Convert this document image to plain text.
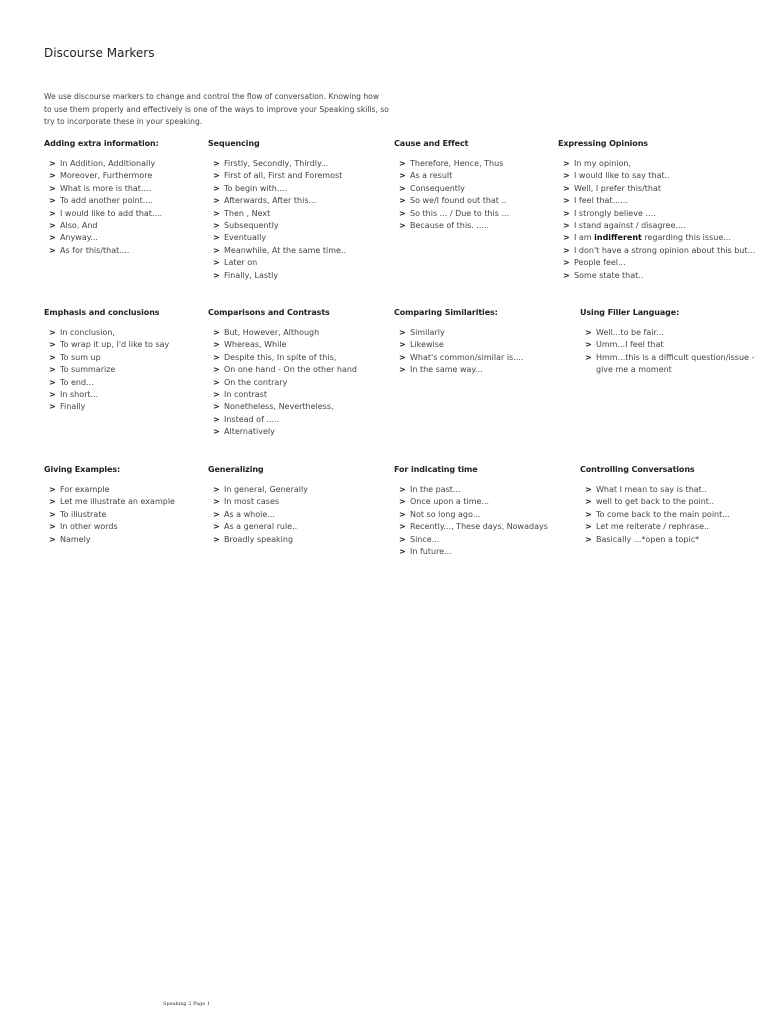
Discourse Markers
We use discourse markers to change and control the flow of conversation. Knowing how to use them properly and effectively is one of the ways to improve your Speaking skills, so try to incorporate these in your speaking.
Adding extra information:
> In Addition, Additionally
> Moreover, Furthermore
> What is more is that....
> To add another point....
> I would like to add that....
> Also, And
> Anyway...
> As for this/that....
Sequencing
> Firstly, Secondly, Thirdly...
> First of all, First and Foremost
> To begin with....
> Afterwards, After this...
> Then , Next
> Subsequently
> Eventually
> Meanwhile, At the same time..
> Later on
> Finally, Lastly
Cause and Effect
> Therefore, Hence, Thus
> As a result
> Consequently
> So we/I found out that ..
> So this ... / Due to this ...
> Because of this. .....
Expressing Opinions
> In my opinion,
> I would like to say that..
> Well, I prefer this/that
> I feel that......
> I strongly believe ....
> I stand against / disagree....
> I am indifferent regarding this issue...
> I don't have a strong opinion about this but...
> People feel...
> Some state that..
Emphasis and conclusions
> In conclusion,
> To wrap it up, I'd like to say
> To sum up
> To summarize
> To end...
> In short...
> Finally
Comparisons and Contrasts
> But, However, Although
> Whereas, While
> Despite this, In spite of this,
> On one hand - On the other hand
> On the contrary
> In contrast
> Nonetheless, Nevertheless,
> Instead of .....
> Alternatively
Comparing Similarities:
> Similarly
> Likewise
> What's common/similar is....
> In the same way...
Using Filler Language:
> Well...to be fair...
> Umm...I feel that
> Hmm...this is a difficult question/issue - give me a moment
Giving Examples:
> For example
> Let me illustrate an example
> To illustrate
> In other words
> Namely
Generalizing
> In general, Generally
> In most cases
> As a whole...
> As a general rule..
> Broadly speaking
For indicating time
> In the past...
> Once upon a time...
> Not so long ago...
> Recently..., These days, Nowadays
> Since...
> In future...
Controlling Conversations
> What I mean to say is that..
> well to get back to the point..
> To come back to the main point...
> Let me reiterate / rephrase..
> Basically ...*open a topic*
Speaking 2 Page 1
